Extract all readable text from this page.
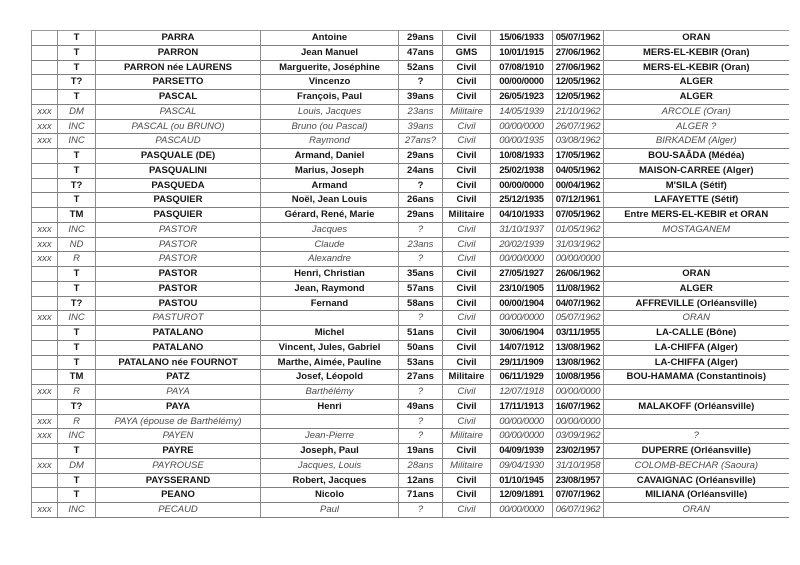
	T	PARRA	Antoine	29ans	Civil	15/06/1933	05/07/1962	ORAN
	T	PARRON	Jean Manuel	47ans	GMS	10/01/1915	27/06/1962	MERS-EL-KEBIR (Oran)
	T	PARRON née LAURENS	Marguerite, Joséphine	52ans	Civil	07/08/1910	27/06/1962	MERS-EL-KEBIR (Oran)
	T?	PARSETTO	Vincenzo	?	Civil	00/00/0000	12/05/1962	ALGER
	T	PASCAL	François, Paul	39ans	Civil	26/05/1923	12/05/1962	ALGER
xxx	DM	PASCAL	Louis, Jacques	23ans	Militaire	14/05/1939	21/10/1962	ARCOLE (Oran)
xxx	INC	PASCAL (ou BRUNO)	Bruno (ou Pascal)	39ans	Civil	00/00/0000	26/07/1962	ALGER ?
xxx	INC	PASCAUD	Raymond	27ans?	Civil	00/00/1935	03/08/1962	BIRKADEM (Alger)
	T	PASQUALE (DE)	Armand, Daniel	29ans	Civil	10/08/1933	17/05/1962	BOU-SAÂDA (Médéa)
	T	PASQUALINI	Marius, Joseph	24ans	Civil	25/02/1938	04/05/1962	MAISON-CARREE (Alger)
	T?	PASQUEDA	Armand	?	Civil	00/00/0000	00/04/1962	M'SILA (Sétif)
	T	PASQUIER	Noël, Jean Louis	26ans	Civil	25/12/1935	07/12/1961	LAFAYETTE (Sétif)
	TM	PASQUIER	Gérard, René, Marie	29ans	Militaire	04/10/1933	07/05/1962	Entre MERS-EL-KEBIR et ORAN
xxx	INC	PASTOR	Jacques	?	Civil	31/10/1937	01/05/1962	MOSTAGANEM
xxx	ND	PASTOR	Claude	23ans	Civil	20/02/1939	31/03/1962	
xxx	R	PASTOR	Alexandre	?	Civil	00/00/0000	00/00/0000	
	T	PASTOR	Henri, Christian	35ans	Civil	27/05/1927	26/06/1962	ORAN
	T	PASTOR	Jean, Raymond	57ans	Civil	23/10/1905	11/08/1962	ALGER
	T?	PASTOU	Fernand	58ans	Civil	00/00/1904	04/07/1962	AFFREVILLE (Orléansville)
xxx	INC	PASTUROT		?	Civil	00/00/0000	05/07/1962	ORAN
	T	PATALANO	Michel	51ans	Civil	30/06/1904	03/11/1955	LA-CALLE (Bône)
	T	PATALANO	Vincent, Jules, Gabriel	50ans	Civil	14/07/1912	13/08/1962	LA-CHIFFA (Alger)
	T	PATALANO née FOURNOT	Marthe, Aimée, Pauline	53ans	Civil	29/11/1909	13/08/1962	LA-CHIFFA (Alger)
	TM	PATZ	Josef, Léopold	27ans	Militaire	06/11/1929	10/08/1956	BOU-HAMAMA (Constantinois)
xxx	R	PAYA	Barthélémy	?	Civil	12/07/1918	00/00/0000	
	T?	PAYA	Henri	49ans	Civil	17/11/1913	16/07/1962	MALAKOFF (Orléansville)
xxx	R	PAYA (épouse de Barthélémy)		?	Civil	00/00/0000	00/00/0000	
xxx	INC	PAYEN	Jean-Pierre	?	Militaire	00/00/0000	03/09/1962	?
	T	PAYRE	Joseph, Paul	19ans	Civil	04/09/1939	23/02/1957	DUPERRE (Orléansville)
xxx	DM	PAYROUSE	Jacques, Louis	28ans	Militaire	09/04/1930	31/10/1958	COLOMB-BECHAR (Saoura)
	T	PAYSSERAND	Robert, Jacques	12ans	Civil	01/10/1945	23/08/1957	CAVAIGNAC (Orléansville)
	T	PEANO	Nicolo	71ans	Civil	12/09/1891	07/07/1962	MILIANA (Orléansville)
xxx	INC	PECAUD	Paul	?	Civil	00/00/0000	06/07/1962	ORAN
